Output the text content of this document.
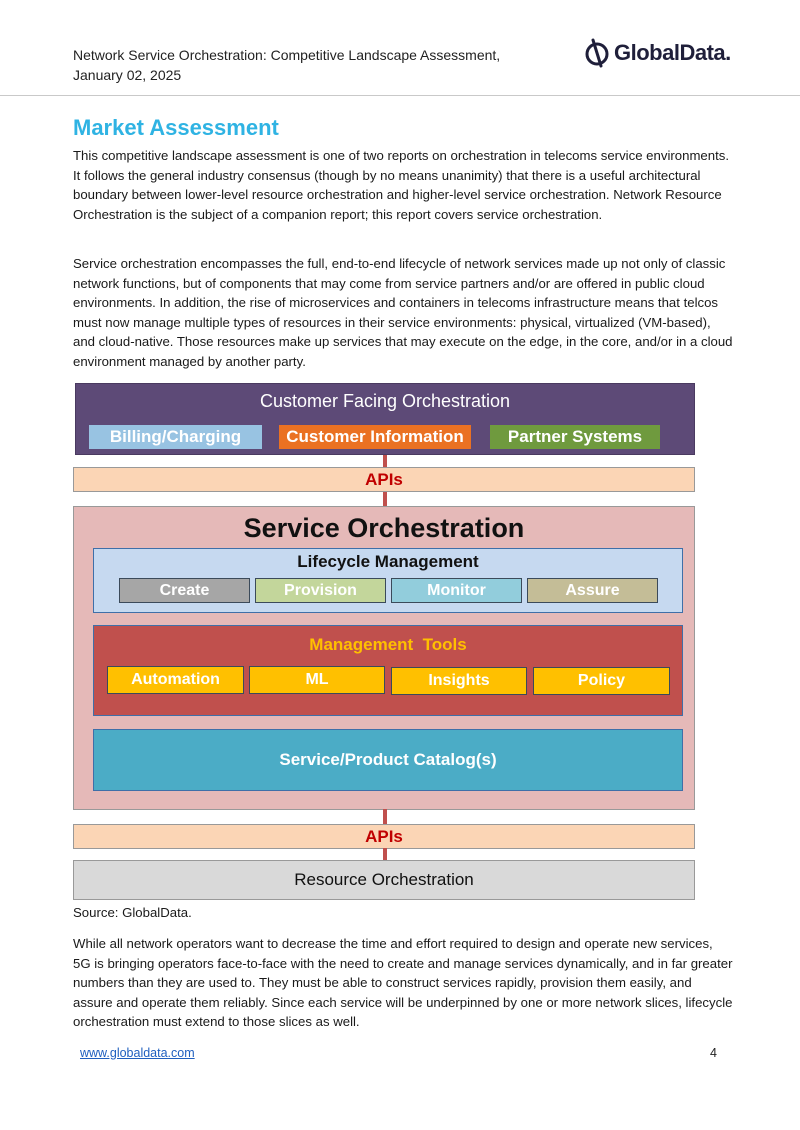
Network Service Orchestration: Competitive Landscape Assessment,
January 02, 2025
GlobalData.
Market Assessment
This competitive landscape assessment is one of two reports on orchestration in telecoms service environments. It follows the general industry consensus (though by no means unanimity) that there is a useful architectural boundary between lower-level resource orchestration and higher-level service orchestration. Network Resource Orchestration is the subject of a companion report; this report covers service orchestration.
Service orchestration encompasses the full, end-to-end lifecycle of network services made up not only of classic network functions, but of components that may come from service partners and/or are offered in public cloud environments. In addition, the rise of microservices and containers in telecoms infrastructure means that telcos must now manage multiple types of resources in their service environments: physical, virtualized (VM-based), and cloud-native. Those resources make up services that may execute on the edge, in the core, and/or in a cloud environment managed by another party.
Customer Facing Orchestration
Billing/Charging	Customer Information	Partner Systems
APIs
Service Orchestration
Lifecycle Management
Create	Provision	Monitor	Assure
Management  Tools
Automation	ML	Insights	Policy
Service/Product Catalog(s)
APIs
Resource Orchestration
Source: GlobalData.
While all network operators want to decrease the time and effort required to design and operate new services, 5G is bringing operators face-to-face with the need to create and manage services dynamically, and in far greater numbers than they are used to. They must be able to construct services rapidly, provision them easily, and assure and operate them reliably. Since each service will be underpinned by one or more network slices, lifecycle orchestration must extend to those slices as well.
www.globaldata.com	4
